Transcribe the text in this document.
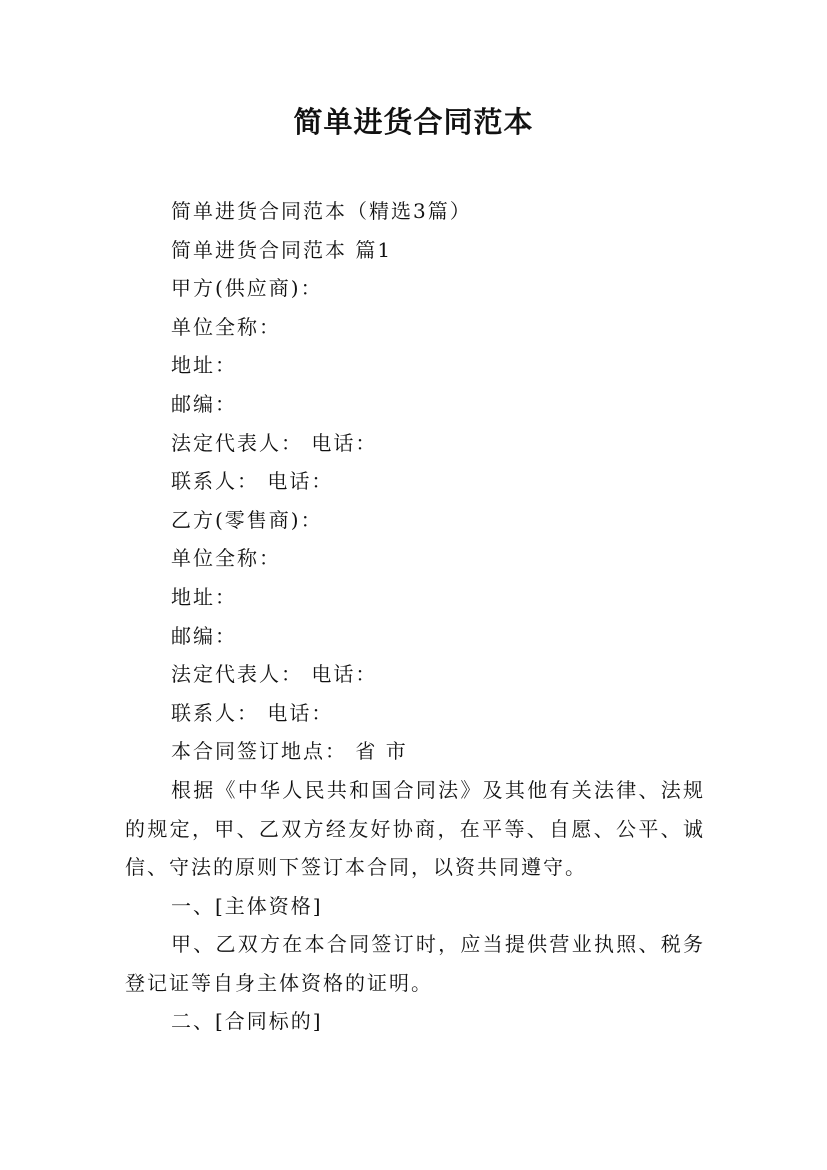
简单进货合同范本

简单进货合同范本（精选3篇）

简单进货合同范本 篇1

甲方(供应商)：

单位全称：

地址：

邮编：

法定代表人： 电话：

联系人： 电话：

乙方(零售商)：

单位全称：

地址：

邮编：

法定代表人： 电话：

联系人： 电话：

本合同签订地点： 省 市

根据《中华人民共和国合同法》及其他有关法律、法规的规定，甲、乙双方经友好协商，在平等、自愿、公平、诚信、守法的原则下签订本合同，以资共同遵守。

一、[主体资格]

甲、乙双方在本合同签订时，应当提供营业执照、税务登记证等自身主体资格的证明。

二、[合同标的]
